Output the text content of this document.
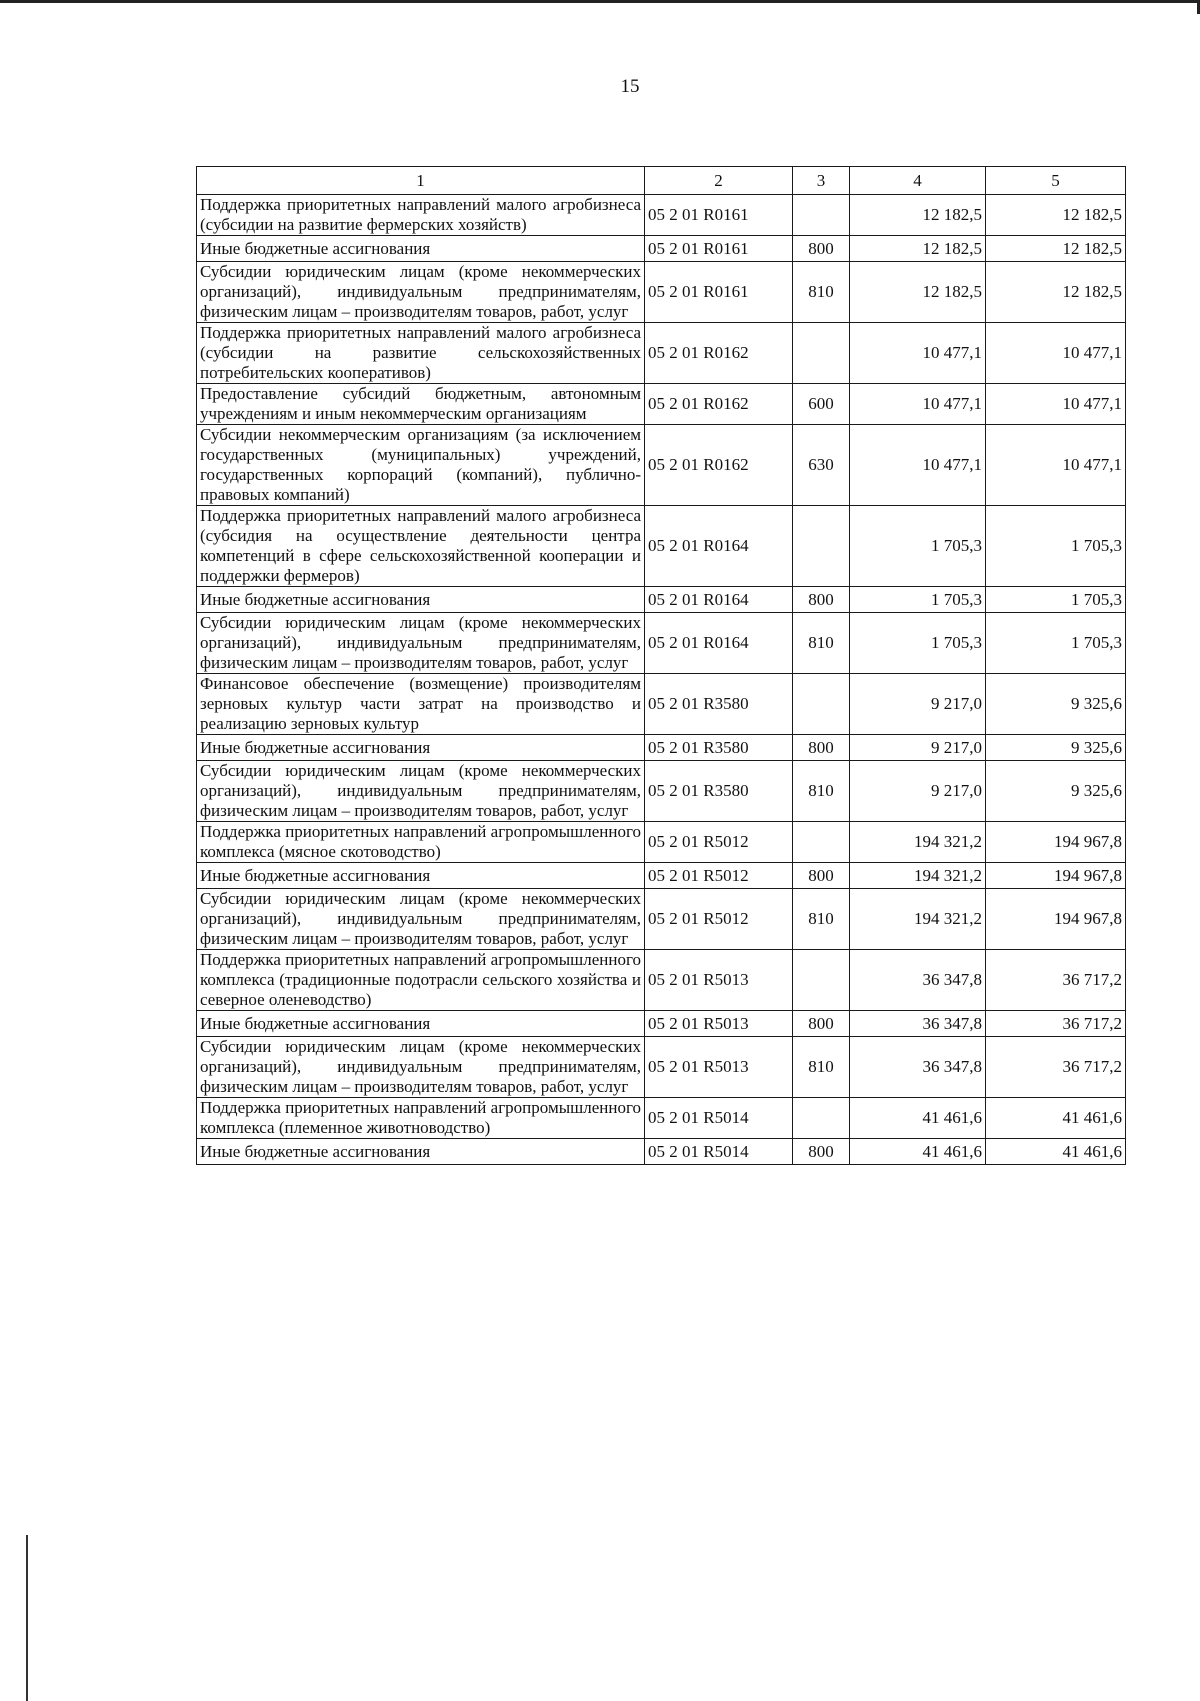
15
1	2	3	4	5
Поддержка приоритетных направлений малого агробизнеса (субсидии на развитие фермерских хозяйств)	05 2 01 R0161		12 182,5	12 182,5
Иные бюджетные ассигнования	05 2 01 R0161	800	12 182,5	12 182,5
Субсидии юридическим лицам (кроме некоммерческих организаций), индивидуальным предпринимателям, физическим лицам – производителям товаров, работ, услуг	05 2 01 R0161	810	12 182,5	12 182,5
Поддержка приоритетных направлений малого агробизнеса (субсидии на развитие сельскохозяйственных потребительских кооперативов)	05 2 01 R0162		10 477,1	10 477,1
Предоставление субсидий бюджетным, автономным учреждениям и иным некоммерческим организациям	05 2 01 R0162	600	10 477,1	10 477,1
Субсидии некоммерческим организациям (за исключением государственных (муниципальных) учреждений, государственных корпораций (компаний), публично-правовых компаний)	05 2 01 R0162	630	10 477,1	10 477,1
Поддержка приоритетных направлений малого агробизнеса (субсидия на осуществление деятельности центра компетенций в сфере сельскохозяйственной кооперации и поддержки фермеров)	05 2 01 R0164		1 705,3	1 705,3
Иные бюджетные ассигнования	05 2 01 R0164	800	1 705,3	1 705,3
Субсидии юридическим лицам (кроме некоммерческих организаций), индивидуальным предпринимателям, физическим лицам – производителям товаров, работ, услуг	05 2 01 R0164	810	1 705,3	1 705,3
Финансовое обеспечение (возмещение) производителям зерновых культур части затрат на производство и реализацию зерновых культур	05 2 01 R3580		9 217,0	9 325,6
Иные бюджетные ассигнования	05 2 01 R3580	800	9 217,0	9 325,6
Субсидии юридическим лицам (кроме некоммерческих организаций), индивидуальным предпринимателям, физическим лицам – производителям товаров, работ, услуг	05 2 01 R3580	810	9 217,0	9 325,6
Поддержка приоритетных направлений агропромышленного комплекса (мясное скотоводство)	05 2 01 R5012		194 321,2	194 967,8
Иные бюджетные ассигнования	05 2 01 R5012	800	194 321,2	194 967,8
Субсидии юридическим лицам (кроме некоммерческих организаций), индивидуальным предпринимателям, физическим лицам – производителям товаров, работ, услуг	05 2 01 R5012	810	194 321,2	194 967,8
Поддержка приоритетных направлений агропромышленного комплекса (традиционные подотрасли сельского хозяйства и северное оленеводство)	05 2 01 R5013		36 347,8	36 717,2
Иные бюджетные ассигнования	05 2 01 R5013	800	36 347,8	36 717,2
Субсидии юридическим лицам (кроме некоммерческих организаций), индивидуальным предпринимателям, физическим лицам – производителям товаров, работ, услуг	05 2 01 R5013	810	36 347,8	36 717,2
Поддержка приоритетных направлений агропромышленного комплекса (племенное животноводство)	05 2 01 R5014		41 461,6	41 461,6
Иные бюджетные ассигнования	05 2 01 R5014	800	41 461,6	41 461,6
